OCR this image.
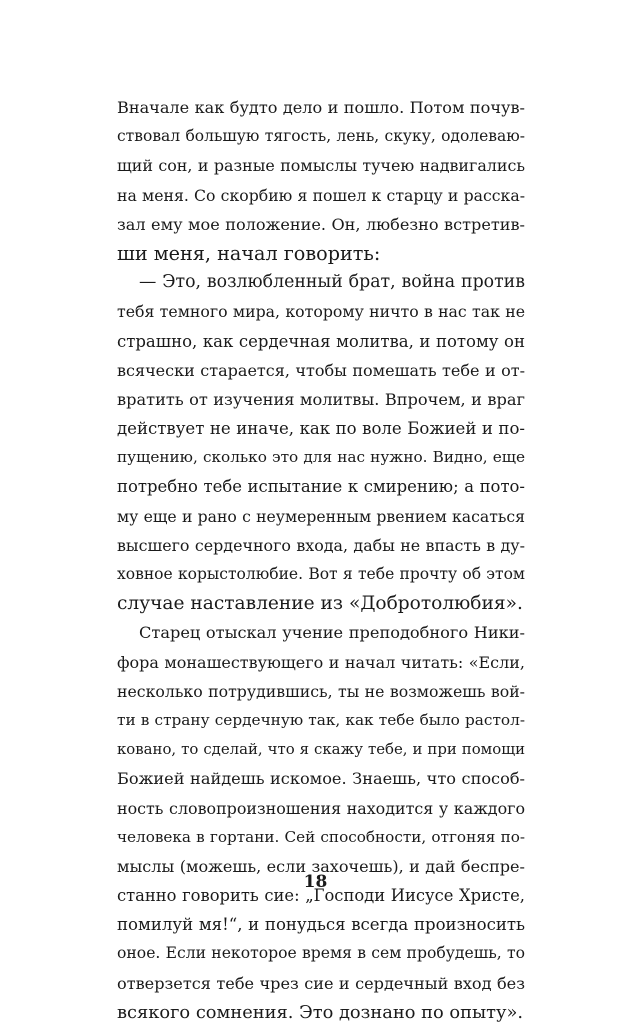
Вначале как будто дело и пошло. Потом почув-
ствовал большую тягость, лень, скуку, одолеваю-
щий сон, и разные помыслы тучею надвигались
на меня. Со скорбию я пошел к старцу и расска-
зал ему мое положение. Он, любезно встретив-
ши меня, начал говорить:
— Это, возлюбленный брат, война против
тебя темного мира, которому ничто в нас так не
страшно, как сердечная молитва, и потому он
всячески старается, чтобы помешать тебе и от-
вратить от изучения молитвы. Впрочем, и враг
действует не иначе, как по воле Божией и по-
пущению, сколько это для нас нужно. Видно, еще
потребно тебе испытание к смирению; а пото-
му еще и рано с неумеренным рвением касаться
высшего сердечного входа, дабы не впасть в ду-
ховное корыстолюбие. Вот я тебе прочту об этом
случае наставление из «Добротолюбия».
Старец отыскал учение преподобного Ники-
фора монашествующего и начал читать: «Если,
несколько потрудившись, ты не возможешь вой-
ти в страну сердечную так, как тебе было растол-
ковано, то сделай, что я скажу тебе, и при помощи
Божией найдешь искомое. Знаешь, что способ-
ность словопроизношения находится у каждого
человека в гортани. Сей способности, отгоняя по-
мыслы (можешь, если захочешь), и дай беспре-
станно говорить сие: „Господи Иисусе Христе,
помилуй мя!“, и понудься всегда произносить
оное. Если некоторое время в сем пробудешь, то
отверзется тебе чрез сие и сердечный вход без
всякого сомнения. Это дознано по опыту».
18
